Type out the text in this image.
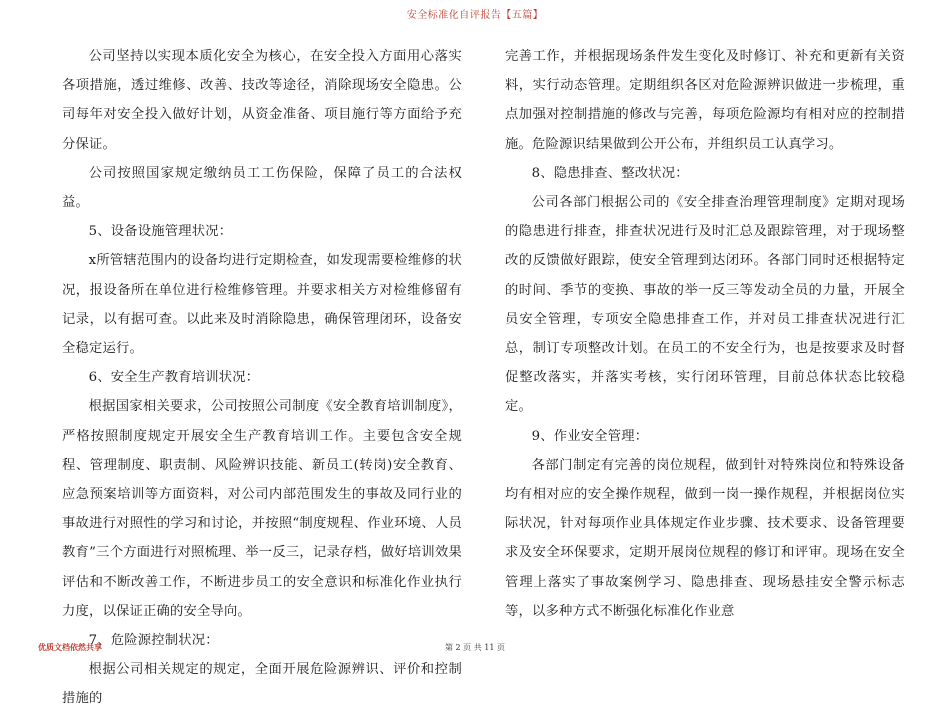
安全标准化自评报告【五篇】

公司坚持以实现本质化安全为核心，在安全投入方面用心落实各项措施，透过维修、改善、技改等途径，消除现场安全隐患。公司每年对安全投入做好计划，从资金准备、项目施行等方面给予充分保证。

公司按照国家规定缴纳员工工伤保险，保障了员工的合法权益。

5、设备设施管理状况：

x所管辖范围内的设备均进行定期检查，如发现需要检维修的状况，报设备所在单位进行检维修管理。并要求相关方对检维修留有记录，以有据可查。以此来及时消除隐患，确保管理闭环，设备安全稳定运行。

6、安全生产教育培训状况：

根据国家相关要求，公司按照公司制度《安全教育培训制度》，严格按照制度规定开展安全生产教育培训工作。主要包含安全规程、管理制度、职责制、风险辨识技能、新员工(转岗)安全教育、应急预案培训等方面资料，对公司内部范围发生的事故及同行业的事故进行对照性的学习和讨论，并按照“制度规程、作业环境、人员教育”三个方面进行对照梳理、举一反三，记录存档，做好培训效果评估和不断改善工作，不断进步员工的安全意识和标准化作业执行力度，以保证正确的安全导向。

7、危险源控制状况：

根据公司相关规定的规定，全面开展危险源辨识、评价和控制措施的

完善工作，并根据现场条件发生变化及时修订、补充和更新有关资料，实行动态管理。定期组织各区对危险源辨识做进一步梳理，重点加强对控制措施的修改与完善，每项危险源均有相对应的控制措施。危险源识结果做到公开公布，并组织员工认真学习。

8、隐患排查、整改状况：

公司各部门根据公司的《安全排查治理管理制度》定期对现场的隐患进行排查，排查状况进行及时汇总及跟踪管理，对于现场整改的反馈做好跟踪，使安全管理到达闭环。各部门同时还根据特定的时间、季节的变换、事故的举一反三等发动全员的力量，开展全员安全管理，专项安全隐患排查工作，并对员工排查状况进行汇总，制订专项整改计划。在员工的不安全行为，也是按要求及时督促整改落实，并落实考核，实行闭环管理，目前总体状态比较稳定。

9、作业安全管理：

各部门制定有完善的岗位规程，做到针对特殊岗位和特殊设备均有相对应的安全操作规程，做到一岗一操作规程，并根据岗位实际状况，针对每项作业具体规定作业步骤、技术要求、设备管理要求及安全环保要求，定期开展岗位规程的修订和评审。现场在安全管理上落实了事故案例学习、隐患排查、现场悬挂安全警示标志等，以多种方式不断强化标准化作业意

优质文档依然共享	第 2 页 共 11 页
